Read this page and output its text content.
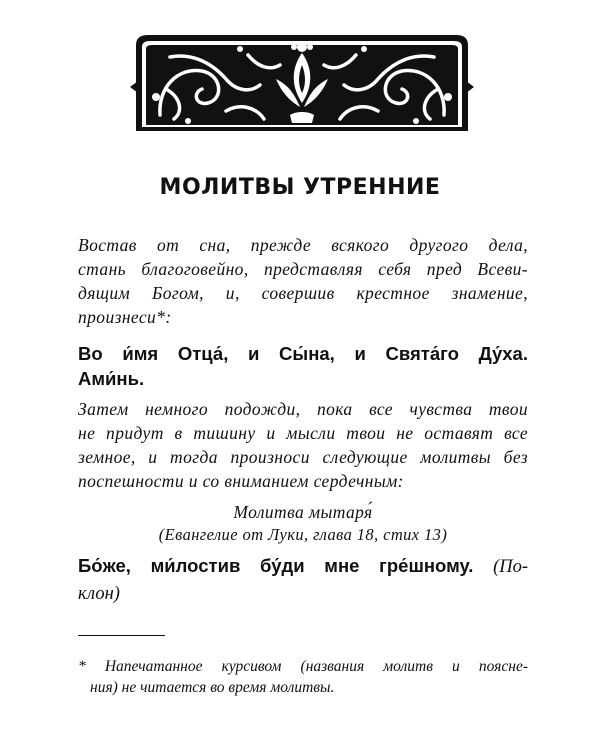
МОЛИТВЫ УТРЕННИЕ
Востав от сна, прежде всякого другого дела,
стань благоговейно, представляя себя пред Всеви-
дящим Богом, и, совершив крестное знамение,
произнеси*:
Во и́мя Отца́, и Сы́на, и Свята́го Ду́ха.
Ами́нь.
Затем немного подожди, пока все чувства твои
не придут в тишину и мысли твои не оставят все
земное, и тогда произноси следующие молитвы без
поспешности и со вниманием сердечным:
Молитва мытаря́
(Евангелие от Луки, глава 18, стих 13)
Бо́же, ми́лостив бу́ди мне гре́шному. (По-
клон)
* Напечатанное курсивом (названия молитв и поясне-
ния) не читается во время молитвы.
